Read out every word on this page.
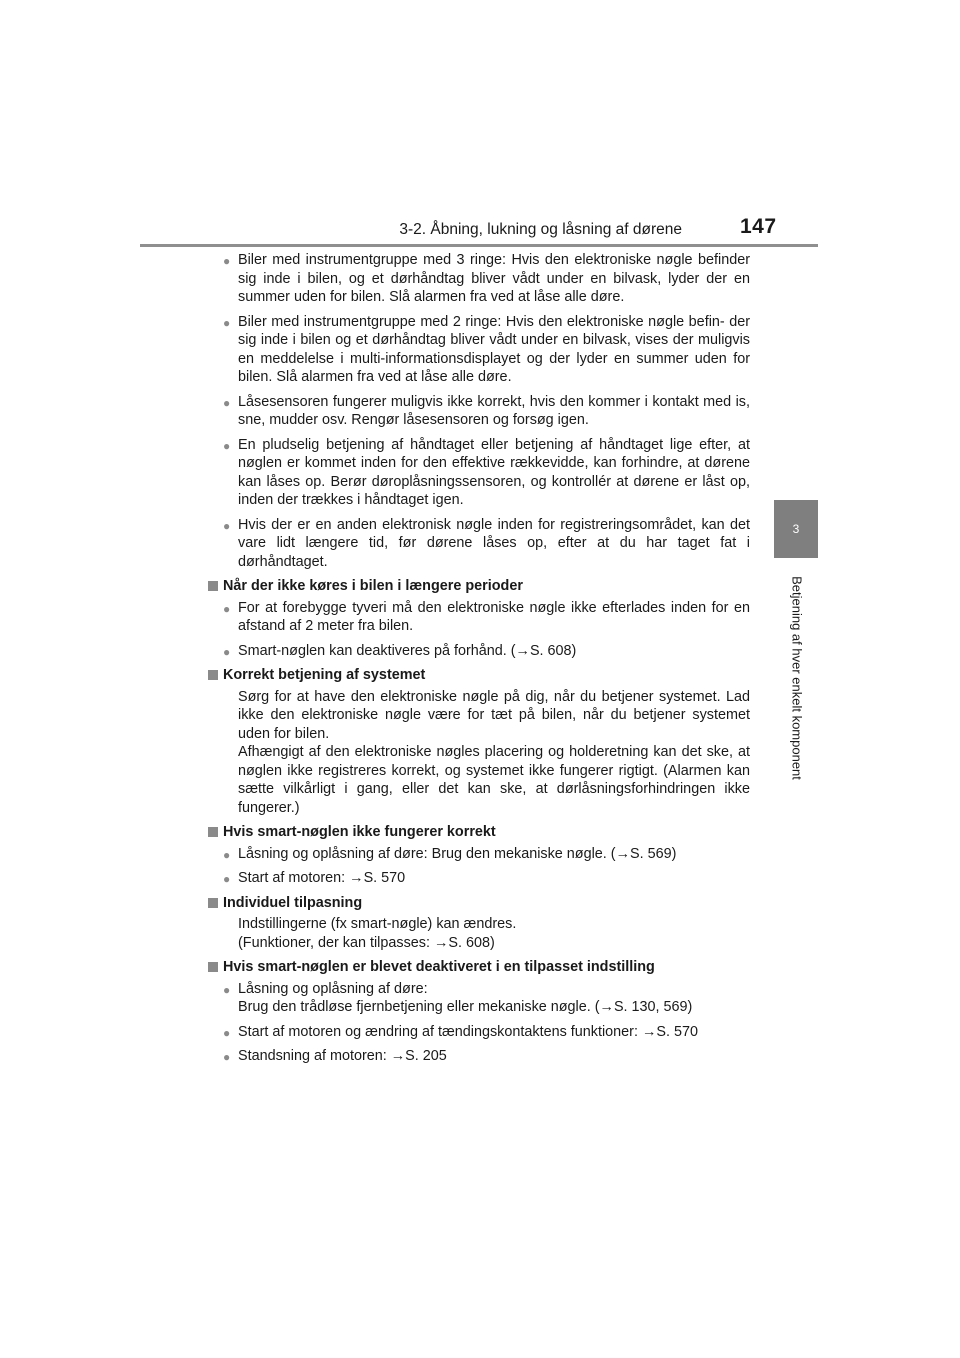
3-2. Åbning, lukning og låsning af dørene	147
3
Betjening af hver enkelt komponent
● Biler med instrumentgruppe med 3 ringe: Hvis den elektroniske nøgle befinder sig inde i bilen, og et dørhåndtag bliver vådt under en bilvask, lyder der en summer uden for bilen. Slå alarmen fra ved at låse alle døre.
● Biler med instrumentgruppe med 2 ringe: Hvis den elektroniske nøgle befin- der sig inde i bilen og et dørhåndtag bliver vådt under en bilvask, vises der muligvis en meddelelse i multi-informationsdisplayet og der lyder en summer uden for bilen. Slå alarmen fra ved at låse alle døre.
● Låsesensoren fungerer muligvis ikke korrekt, hvis den kommer i kontakt med is, sne, mudder osv. Rengør låsesensoren og forsøg igen.
● En pludselig betjening af håndtaget eller betjening af håndtaget lige efter, at nøglen er kommet inden for den effektive rækkevidde, kan forhindre, at dørene kan låses op. Berør døroplåsningssensoren, og kontrollér at dørene er låst op, inden der trækkes i håndtaget igen.
● Hvis der er en anden elektronisk nøgle inden for registreringsområdet, kan det vare lidt længere tid, før dørene låses op, efter at du har taget fat i dørhåndtaget.
Når der ikke køres i bilen i længere perioder
● For at forebygge tyveri må den elektroniske nøgle ikke efterlades inden for en afstand af 2 meter fra bilen.
● Smart-nøglen kan deaktiveres på forhånd. (→S. 608)
Korrekt betjening af systemet
Sørg for at have den elektroniske nøgle på dig, når du betjener systemet. Lad ikke den elektroniske nøgle være for tæt på bilen, når du betjener systemet uden for bilen.
Afhængigt af den elektroniske nøgles placering og holderetning kan det ske, at nøglen ikke registreres korrekt, og systemet ikke fungerer rigtigt. (Alarmen kan sætte vilkårligt i gang, eller det kan ske, at dørlåsningsforhindringen ikke fungerer.)
Hvis smart-nøglen ikke fungerer korrekt
● Låsning og oplåsning af døre: Brug den mekaniske nøgle. (→S. 569)
● Start af motoren: →S. 570
Individuel tilpasning
Indstillingerne (fx smart-nøgle) kan ændres.
(Funktioner, der kan tilpasses: →S. 608)
Hvis smart-nøglen er blevet deaktiveret i en tilpasset indstilling
● Låsning og oplåsning af døre:
Brug den trådløse fjernbetjening eller mekaniske nøgle. (→S. 130, 569)
● Start af motoren og ændring af tændingskontaktens funktioner: →S. 570
● Standsning af motoren: →S. 205
